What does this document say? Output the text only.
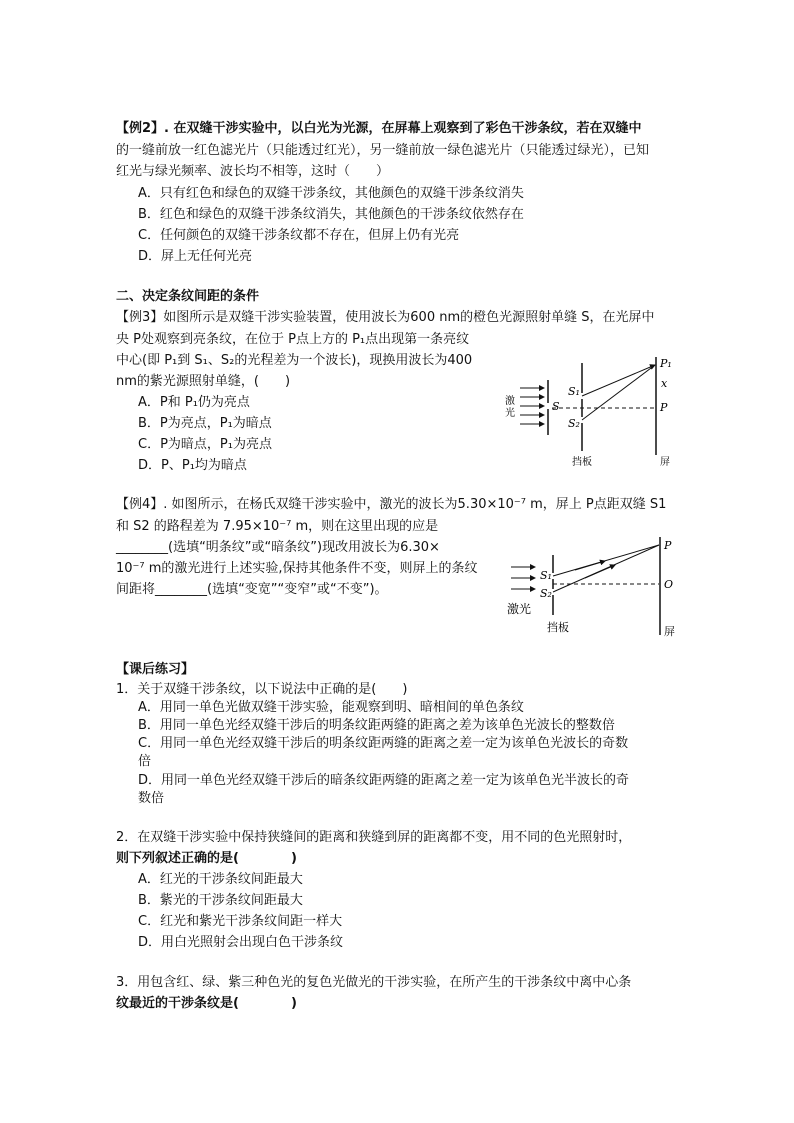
【例2】. 在双缝干涉实验中，以白光为光源，在屏幕上观察到了彩色干涉条纹，若在双缝中
的一缝前放一红色滤光片（只能透过红光），另一缝前放一绿色滤光片（只能透过绿光），已知
红光与绿光频率、波长均不相等，这时（　　）
A．只有红色和绿色的双缝干涉条纹，其他颜色的双缝干涉条纹消失
B．红色和绿色的双缝干涉条纹消失，其他颜色的干涉条纹依然存在
C．任何颜色的双缝干涉条纹都不存在，但屏上仍有光亮
D．屏上无任何光亮
二、决定条纹间距的条件
【例3】如图所示是双缝干涉实验装置，使用波长为600 nm的橙色光源照射单缝 S，在光屏中
央 P处观察到亮条纹，在位于 P点上方的 P₁点出现第一条亮纹
中心(即 P₁到 S₁、S₂的光程差为一个波长)，现换用波长为400
nm的紫光源照射单缝，(　　)
A．P和 P₁仍为亮点
B．P为亮点，P₁为暗点
C．P为暗点，P₁为亮点
D．P、P₁均为暗点
激
光
S
S₁
S₂
P₁
x
P
挡板	屏
【例4】. 如图所示，在杨氏双缝干涉实验中，激光的波长为5.30×10⁻⁷ m，屏上 P点距双缝 S1
和 S2 的路程差为 7.95×10⁻⁷ m，则在这里出现的应是
________(选填“明条纹”或“暗条纹”)现改用波长为6.30×
10⁻⁷ m的激光进行上述实验,保持其他条件不变，则屏上的条纹
间距将________(选填“变宽”“变窄”或“不变”)。
激光
S₁
S₂
P
O
挡板	屏
【课后练习】
1．关于双缝干涉条纹，以下说法中正确的是(　　)
A．用同一单色光做双缝干涉实验，能观察到明、暗相间的单色条纹
B．用同一单色光经双缝干涉后的明条纹距两缝的距离之差为该单色光波长的整数倍
C．用同一单色光经双缝干涉后的明条纹距两缝的距离之差一定为该单色光波长的奇数
倍
D．用同一单色光经双缝干涉后的暗条纹距两缝的距离之差一定为该单色光半波长的奇
数倍
2．在双缝干涉实验中保持狭缝间的距离和狭缝到屏的距离都不变，用不同的色光照射时，
则下列叙述正确的是(　　　　)
A．红光的干涉条纹间距最大
B．紫光的干涉条纹间距最大
C．红光和紫光干涉条纹间距一样大
D．用白光照射会出现白色干涉条纹
3．用包含红、绿、紫三种色光的复色光做光的干涉实验，在所产生的干涉条纹中离中心条
纹最近的干涉条纹是(　　　　)
